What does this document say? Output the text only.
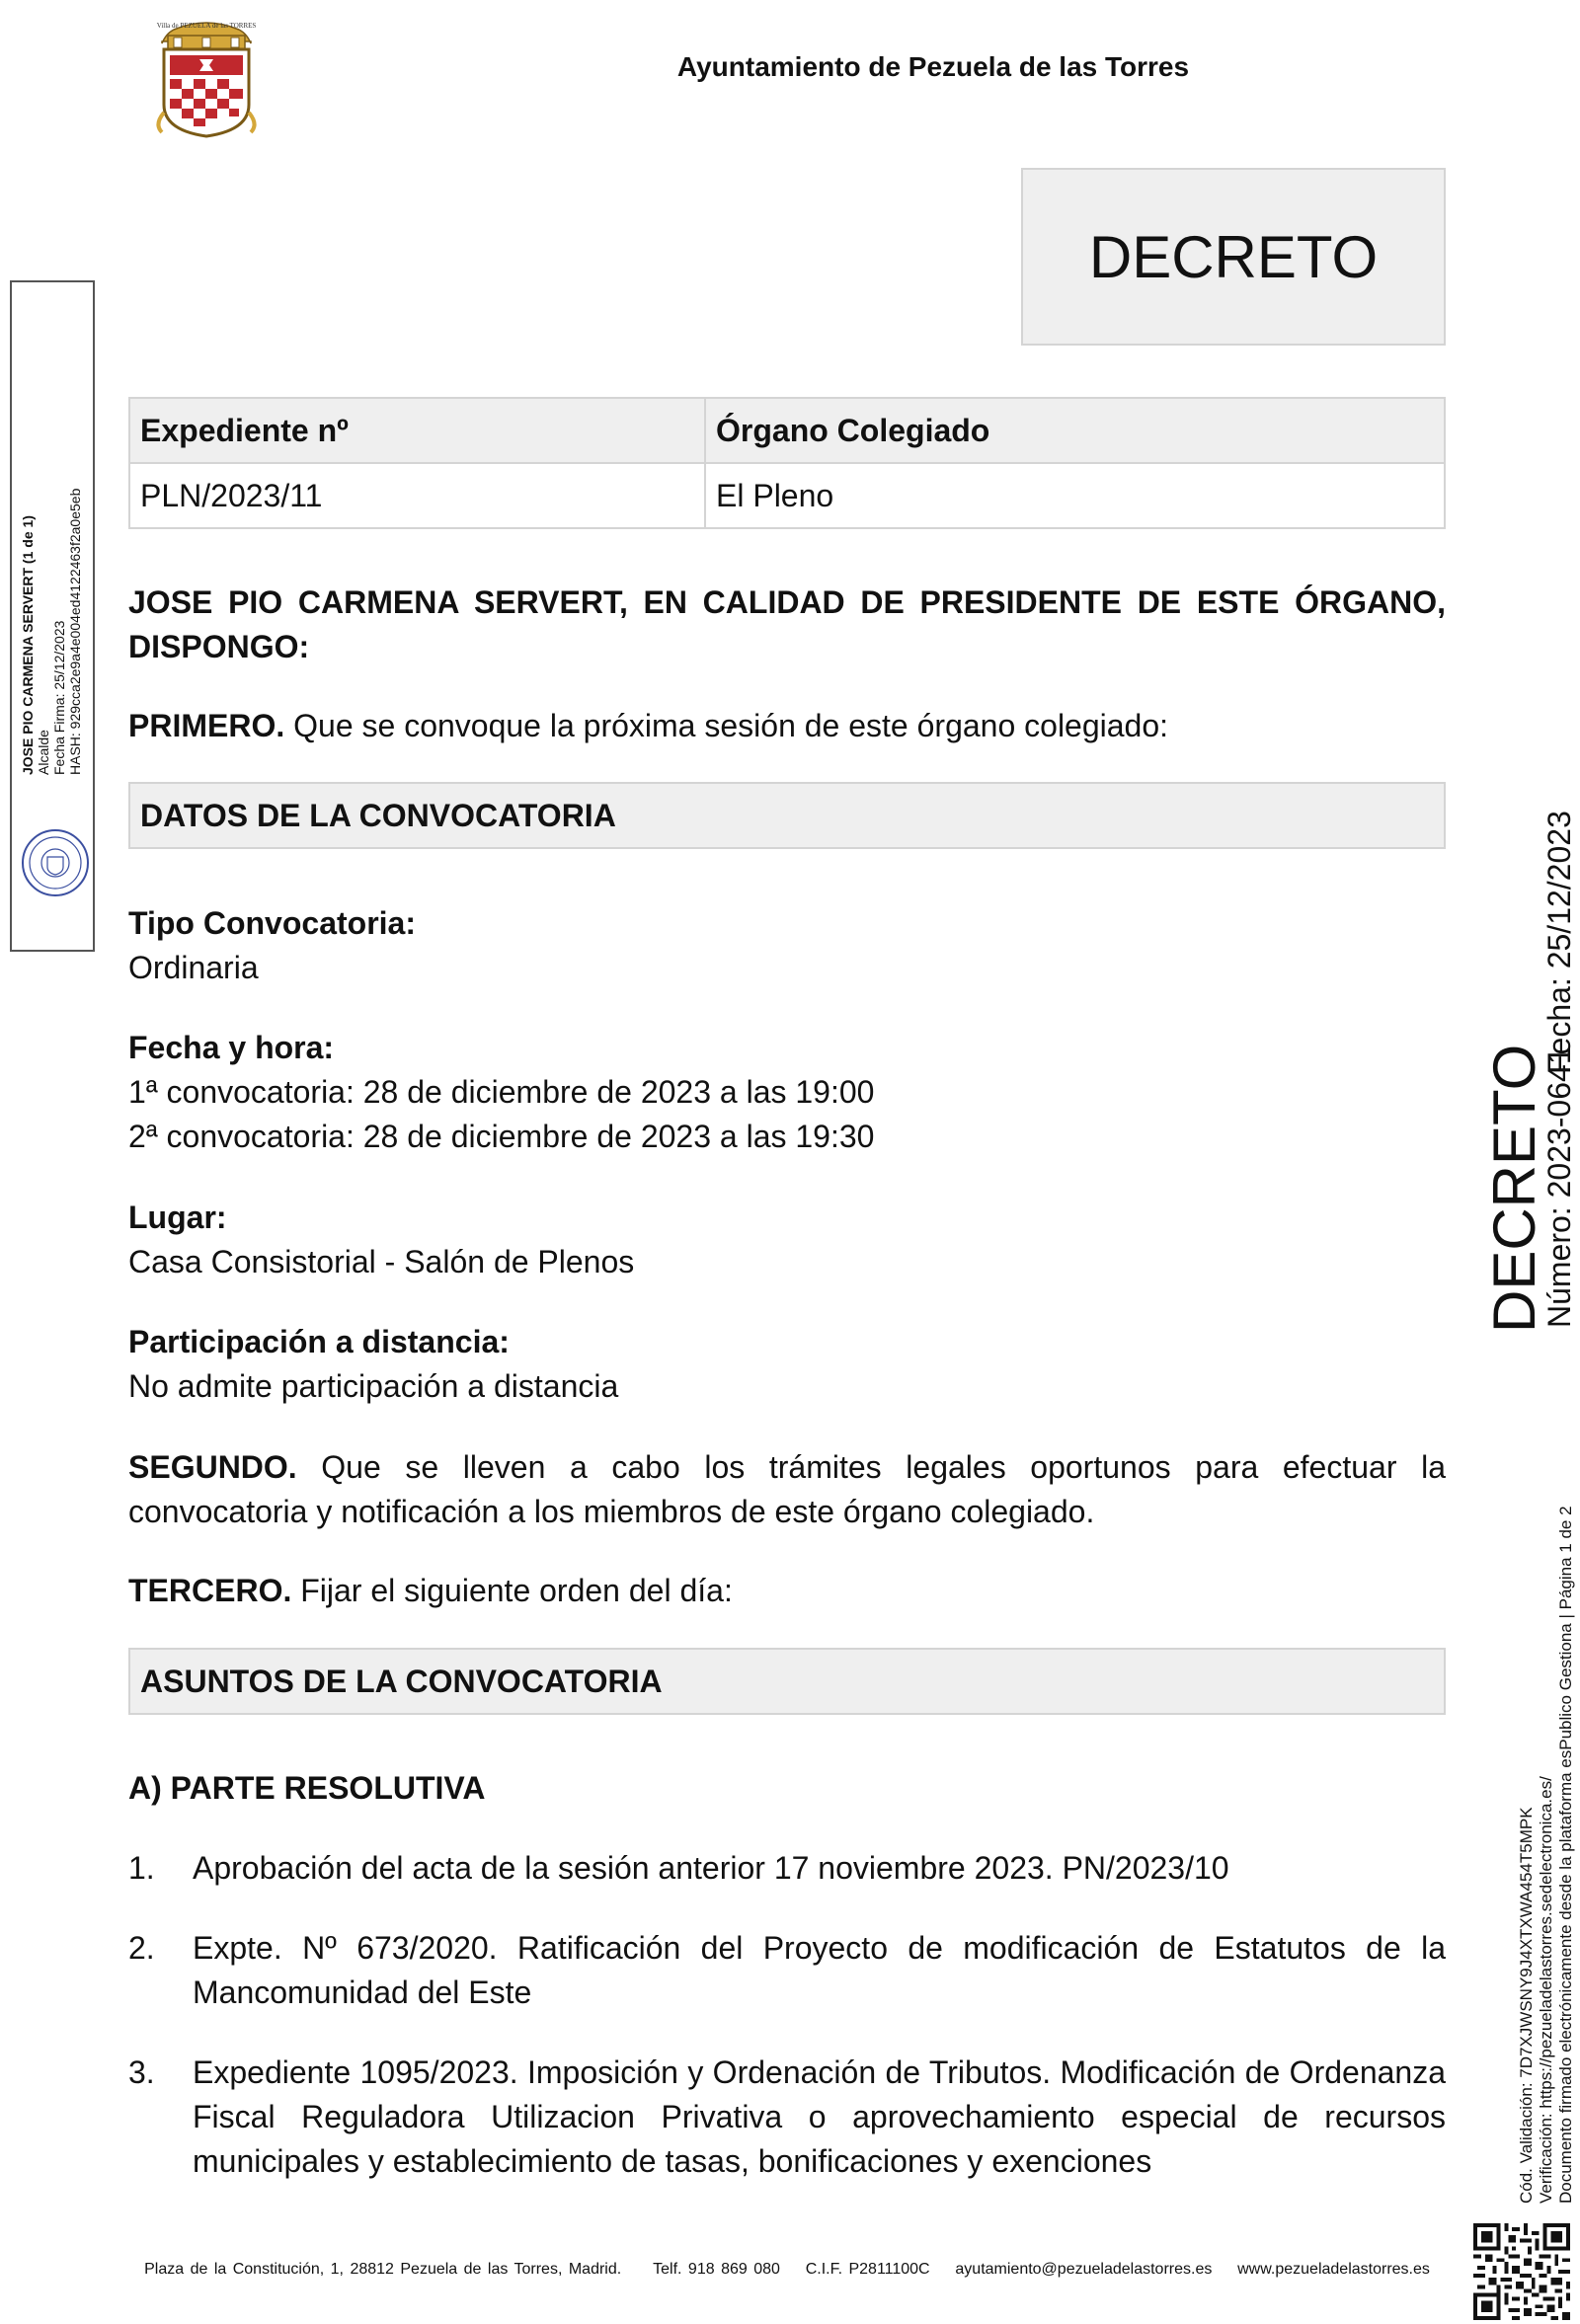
Villa de PEZUELA de las TORRES
Ayuntamiento de Pezuela de las Torres
DECRETO
Expediente nº	Órgano Colegiado
PLN/2023/11	El Pleno
JOSE PIO CARMENA SERVERT, EN CALIDAD DE PRESIDENTE DE ESTE ÓRGANO, DISPONGO:
PRIMERO. Que se convoque la próxima sesión de este órgano colegiado:
DATOS DE LA CONVOCATORIA
Tipo Convocatoria:
Ordinaria
Fecha y hora:
1ª convocatoria: 28 de diciembre de 2023 a las 19:00
2ª convocatoria: 28 de diciembre de 2023 a las 19:30
Lugar:
Casa Consistorial - Salón de Plenos
Participación a distancia:
No admite participación a distancia
SEGUNDO. Que se lleven a cabo los trámites legales oportunos para efectuar la convocatoria y notificación a los miembros de este órgano colegiado.
TERCERO. Fijar el siguiente orden del día:
ASUNTOS DE LA CONVOCATORIA
A) PARTE RESOLUTIVA
1.	Aprobación del acta de la sesión anterior 17 noviembre 2023. PN/2023/10
2.	Expte. Nº 673/2020. Ratificación del Proyecto de modificación de Estatutos de la Mancomunidad del Este
3.	Expediente 1095/2023. Imposición y Ordenación de Tributos. Modificación de Ordenanza Fiscal Reguladora Utilizacion Privativa o aprovechamiento especial de recursos municipales y establecimiento de tasas, bonificaciones y exenciones
JOSE PIO CARMENA SERVERT (1 de 1) Alcalde Fecha Firma: 25/12/2023 HASH: 929cca2e9a4e004ed4122463f2a0e5eb
DECRETO
Número: 2023-0641
Fecha: 25/12/2023
Cód. Validación: 7D7XJWSNY9J4XTXWA454T5MPK Verificación: https://pezueladelastorres.sedelectronica.es/ Documento firmado electrónicamente desde la plataforma esPublico Gestiona | Página 1 de 2
Plaza de la Constitución, 1, 28812 Pezuela de las Torres, Madrid. Telf. 918 869 080 C.I.F. P2811100C ayutamiento@pezueladelastorres.es www.pezueladelastorres.es
